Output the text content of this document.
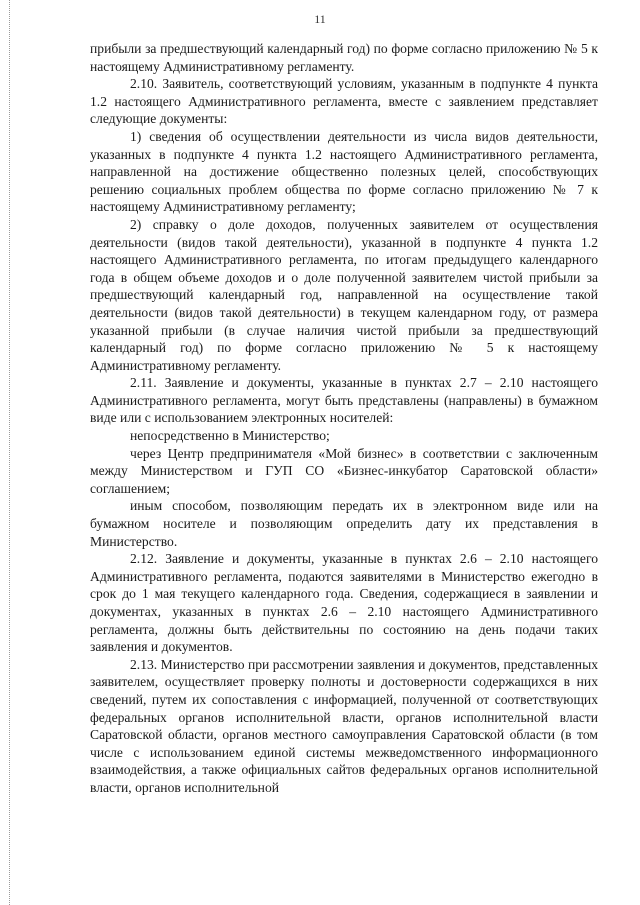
11

прибыли за предшествующий календарный год) по форме согласно приложению № 5 к настоящему Административному регламенту.

2.10. Заявитель, соответствующий условиям, указанным в подпункте 4 пункта 1.2 настоящего Административного регламента, вместе с заявлением представляет следующие документы:

1) сведения об осуществлении деятельности из числа видов деятельности, указанных в подпункте 4 пункта 1.2 настоящего Административного регламента, направленной на достижение общественно полезных целей, способствующих решению социальных проблем общества по форме согласно приложению № 7 к настоящему Административному регламенту;

2) справку о доле доходов, полученных заявителем от осуществления деятельности (видов такой деятельности), указанной в подпункте 4 пункта 1.2 настоящего Административного регламента, по итогам предыдущего календарного года в общем объеме доходов и о доле полученной заявителем чистой прибыли за предшествующий календарный год, направленной на осуществление такой деятельности (видов такой деятельности) в текущем календарном году, от размера указанной прибыли (в случае наличия чистой прибыли за предшествующий календарный год) по форме согласно приложению № 5 к настоящему Административному регламенту.

2.11. Заявление и документы, указанные в пунктах 2.7 – 2.10 настоящего Административного регламента, могут быть представлены (направлены) в бумажном виде или с использованием электронных носителей:

непосредственно в Министерство;

через Центр предпринимателя «Мой бизнес» в соответствии с заключенным между Министерством и ГУП СО «Бизнес-инкубатор Саратовской области» соглашением;

иным способом, позволяющим передать их в электронном виде или на бумажном носителе и позволяющим определить дату их представления в Министерство.

2.12. Заявление и документы, указанные в пунктах 2.6 – 2.10 настоящего Административного регламента, подаются заявителями в Министерство ежегодно в срок до 1 мая текущего календарного года. Сведения, содержащиеся в заявлении и документах, указанных в пунктах 2.6 – 2.10 настоящего Административного регламента, должны быть действительны по состоянию на день подачи таких заявления и документов.

2.13. Министерство при рассмотрении заявления и документов, представленных заявителем, осуществляет проверку полноты и достоверности содержащихся в них сведений, путем их сопоставления с информацией, полученной от соответствующих федеральных органов исполнительной власти, органов исполнительной власти Саратовской области, органов местного самоуправления Саратовской области (в том числе с использованием единой системы межведомственного информационного взаимодействия, а также официальных сайтов федеральных органов исполнительной власти, органов исполнительной
